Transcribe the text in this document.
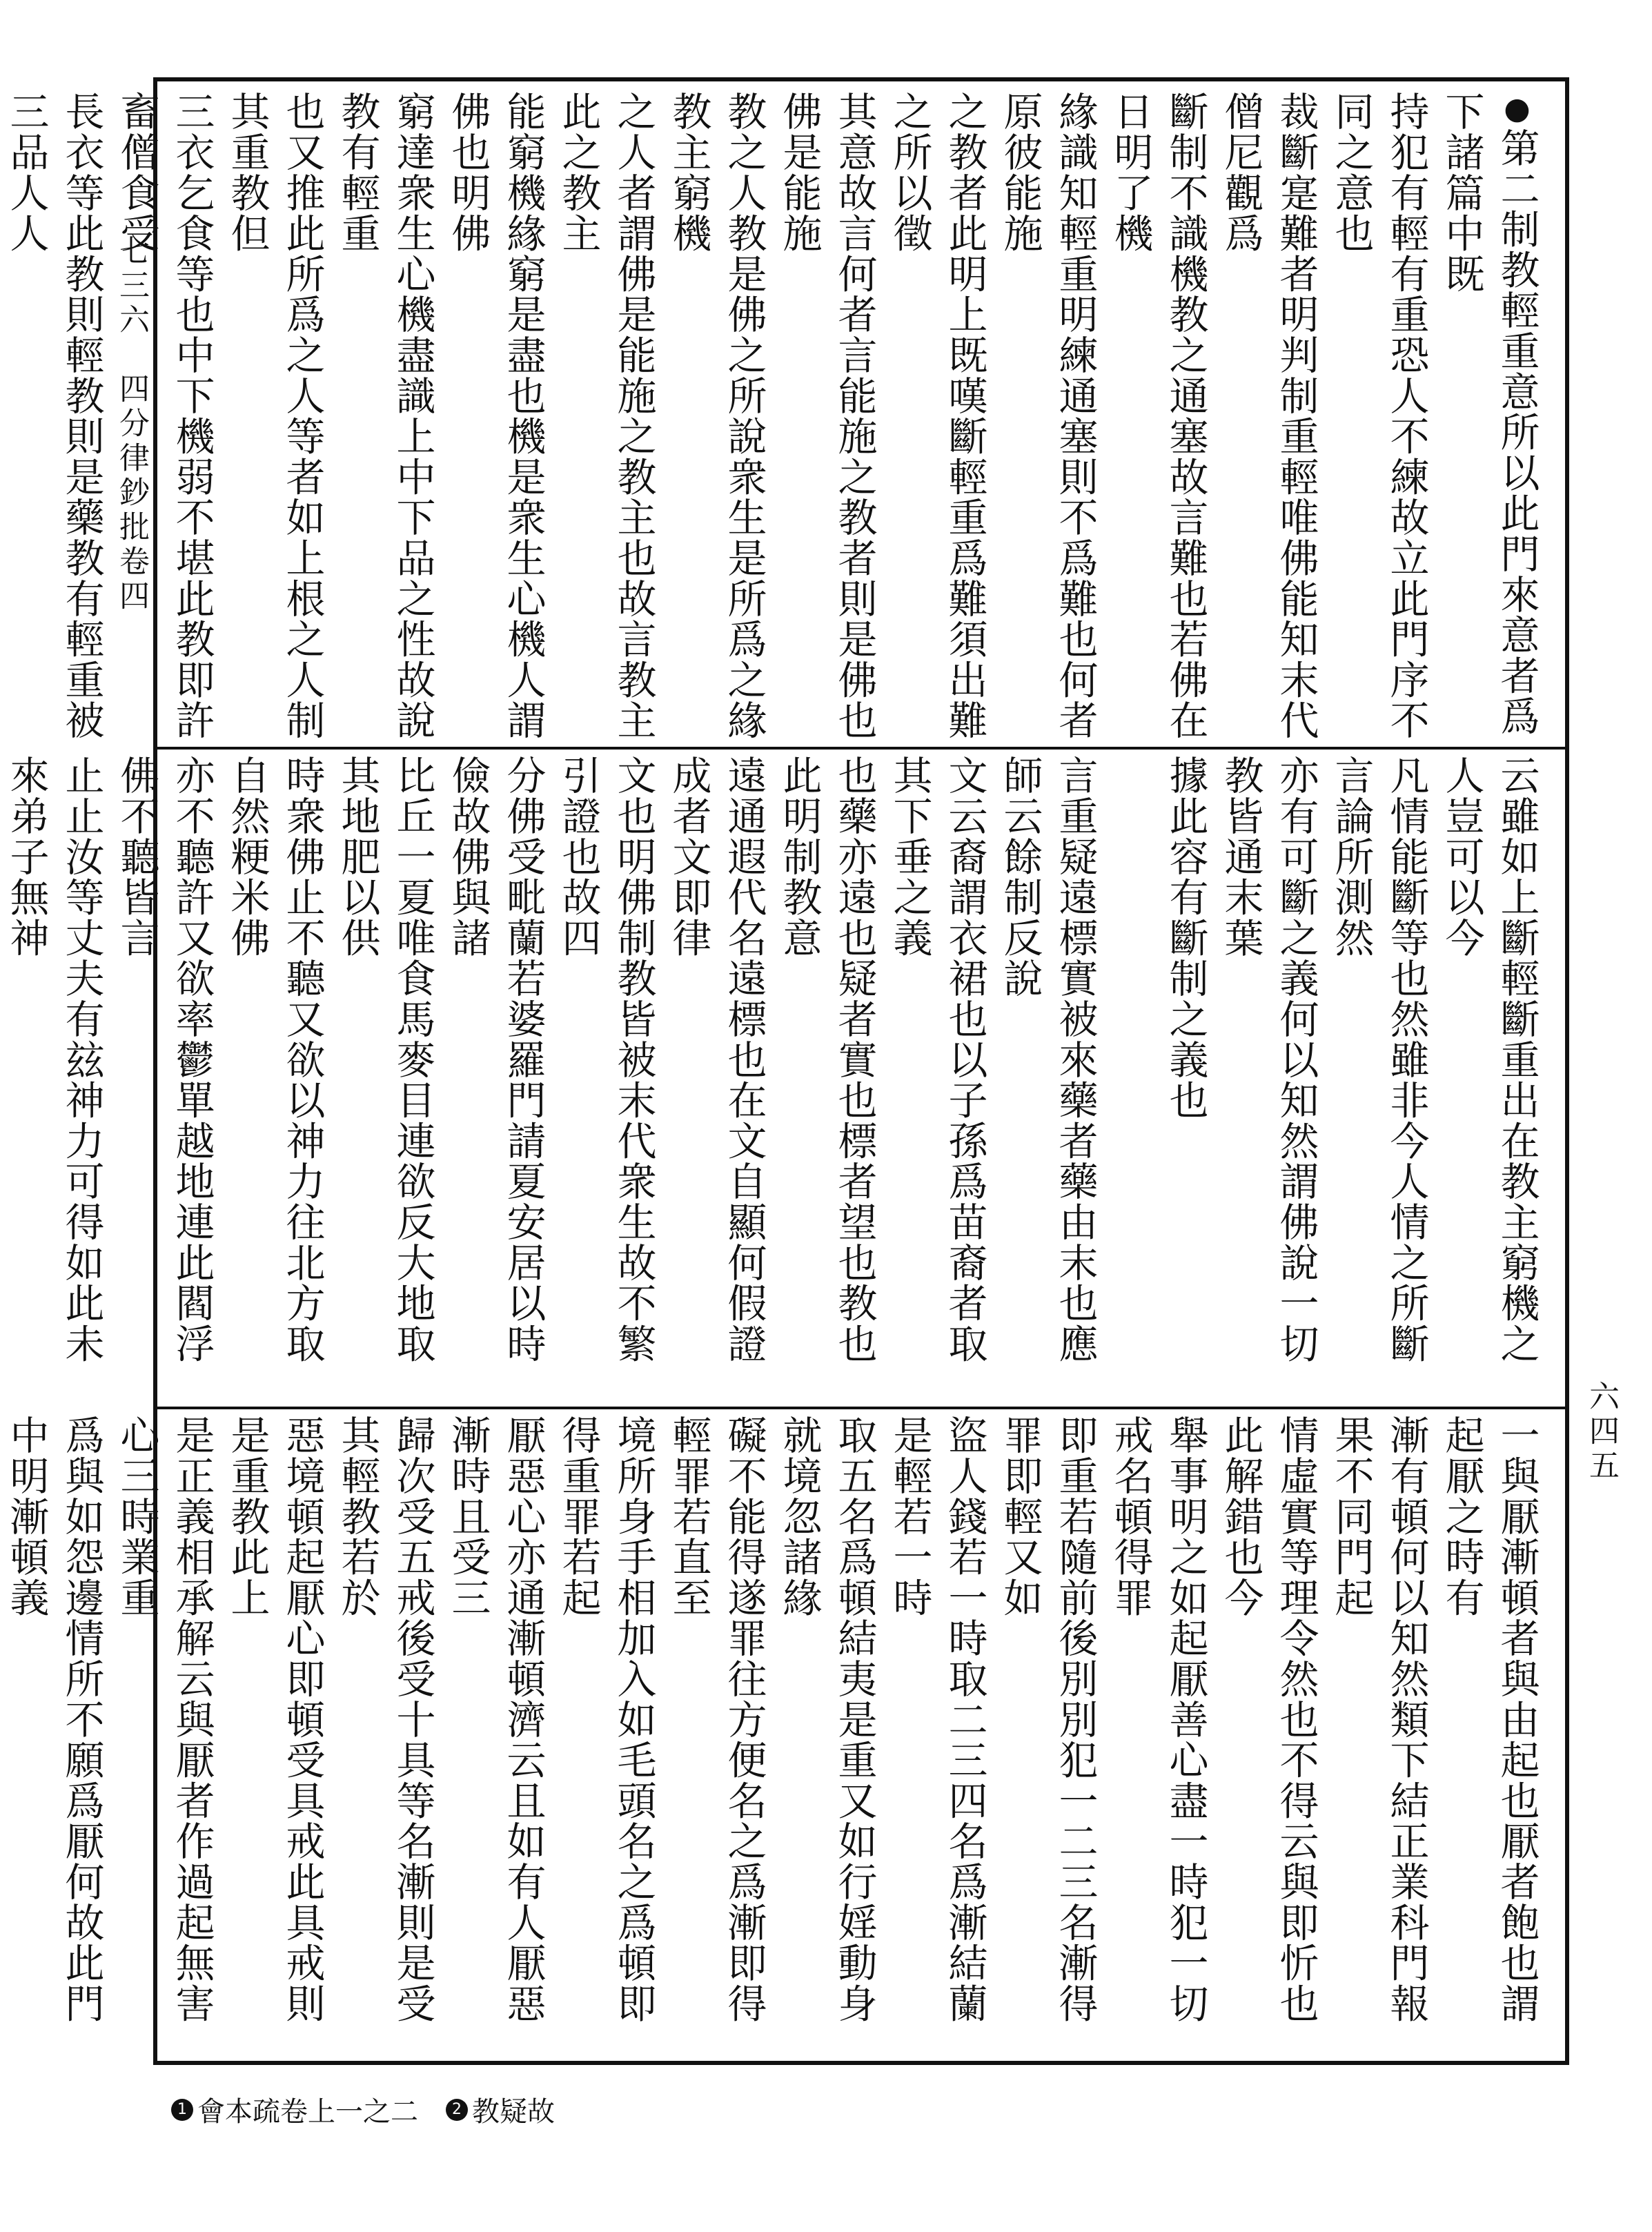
七三六　四分律鈔批卷四
六四五

●第二制教輕重意所以此門來意者爲下諸篇中既

持犯有輕有重恐人不練故立此門序不同之意也

裁斷寔難者明判制重輕唯佛能知末代僧尼觀爲

斷制不識機教之通塞故言難也若佛在日明了機

緣識知輕重明練通塞則不爲難也何者原彼能施

之教者此明上既嘆斷輕重爲難須出難之所以徵

其意故言何者言能施之教者則是佛也佛是能施

教之人教是佛之所說衆生是所爲之緣教主窮機

之人者謂佛是能施之教主也故言教主此之教主

能窮機緣窮是盡也機是衆生心機人謂佛也明佛

窮達衆生心機盡識上中下品之性故說教有輕重

也又推此所爲之人等者如上根之人制其重教但

三衣乞食等也中下機弱不堪此教即許畜僧食受

長衣等此教則輕教則是藥教有輕重被三品人人

云雖如上斷輕斷重出在教主窮機之人豈可以今

凡情能斷等也然雖非今人情之所斷言論所測然

亦有可斷之義何以知然謂佛說一切教皆通末葉

據此容有斷制之義也

言重疑遠標實被來藥者藥由末也應師云餘制反說

文云裔謂衣裙也以子孫爲苗裔者取其下垂之義

也藥亦遠也疑者實也標者望也教也此明制教意

遠通遐代名遠標也在文自顯何假證成者文即律

文也明佛制教皆被末代衆生故不繁引證也故四

分佛受毗蘭若婆羅門請夏安居以時儉故佛與諸

比丘一夏唯食馬麥目連欲反大地取其地肥以供

時衆佛止不聽又欲以神力往北方取自然粳米佛

亦不聽許又欲率鬱單越地連此閻浮佛不聽皆言

止止汝等丈夫有玆神力可得如此未來弟子無神

一與厭漸頓者與由起也厭者飽也謂起厭之時有

漸有頓何以知然類下結正業科門報果不同門起

情虛實等理令然也不得云與即忻也此解錯也今

舉事明之如起厭善心盡一時犯一切戒名頓得罪

即重若隨前後別別犯一二三名漸得罪即輕又如

盜人錢若一時取二三四名爲漸結蘭是輕若一時

取五名爲頓結夷是重又如行婬動身就境忽諸緣

礙不能得遂罪往方便名之爲漸即得輕罪若直至

境所身手相加入如毛頭名之爲頓即得重罪若起

厭惡心亦通漸頓濟云且如有人厭惡漸時且受三

歸次受五戒後受十具等名漸則是受其輕教若於

惡境頓起厭心即頓受具戒此具戒則是重教此上

是正義相承解云與厭者作過起無害心三時業重

爲與如怨邊情所不願爲厭何故此門中明漸頓義

1 會本疏卷上一之二	2 教疑故
